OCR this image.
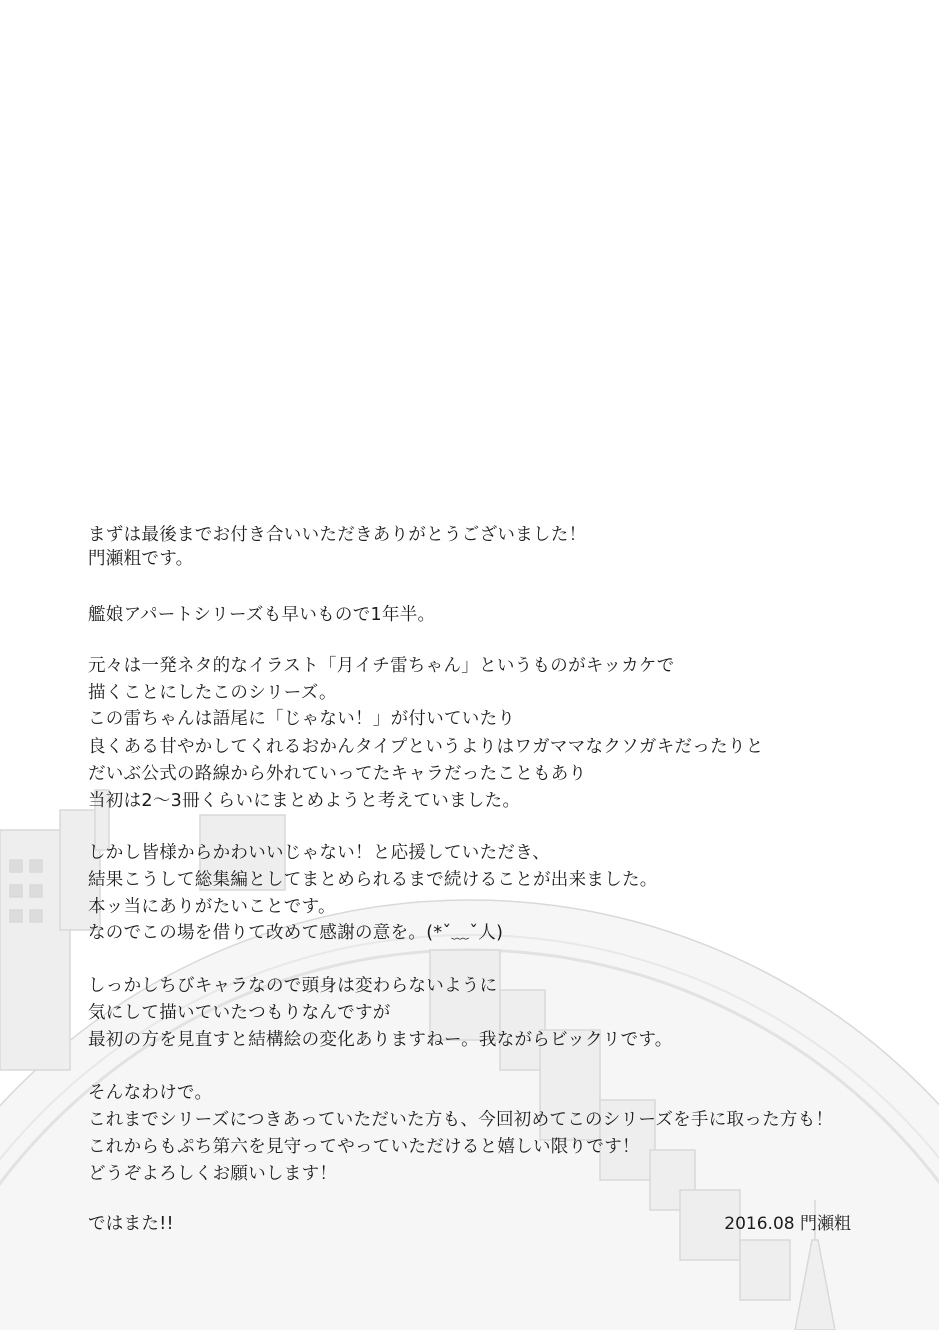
まずは最後までお付き合いいただきありがとうございました！
門瀬粗です。
艦娘アパートシリーズも早いもので1年半。
元々は一発ネタ的なイラスト「月イチ雷ちゃん」というものがキッカケで
描くことにしたこのシリーズ。
この雷ちゃんは語尾に「じゃない！」が付いていたり
良くある甘やかしてくれるおかんタイプというよりはワガママなクソガキだったりと
だいぶ公式の路線から外れていってたキャラだったこともあり
当初は2〜3冊くらいにまとめようと考えていました。
しかし皆様からかわいいじゃない！と応援していただき、
結果こうして総集編としてまとめられるまで続けることが出来ました。
本ッ当にありがたいことです。
なのでこの場を借りて改めて感謝の意を。(*ˇ﹏ˇ人)
しっかしちびキャラなので頭身は変わらないように
気にして描いていたつもりなんですが
最初の方を見直すと結構絵の変化ありますねー。我ながらビックリです。
そんなわけで。
これまでシリーズにつきあっていただいた方も、今回初めてこのシリーズを手に取った方も！
これからもぷち第六を見守ってやっていただけると嬉しい限りです！
どうぞよろしくお願いします！
ではまた!!	2016.08 門瀬粗
